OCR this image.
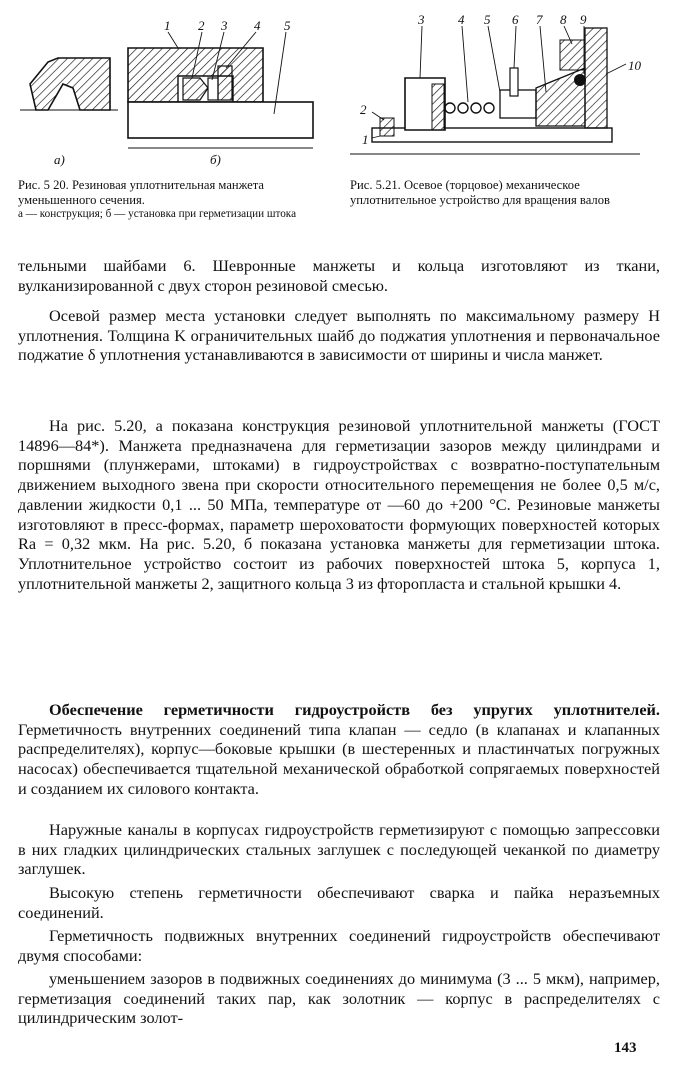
1 2 3 4 5
а)	б)
3	4 5 6 7 8 9
10
2
1
Рис. 5 20. Резиновая уплотнительная манжета уменьшенного сечения.
а — конструкция; б — установка при герметизации штока
Рис. 5.21. Осевое (торцовое) механическое уплотнительное устройство для вращения валов

тельными шайбами 6. Шевронные манжеты и кольца изготовляют из ткани, вулканизированной с двух сторон резиновой смесью.

Осевой размер места установки следует выполнять по максимальному размеру H уплотнения. Толщина K ограничительных шайб до поджатия уплотнения и первоначальное поджатие δ уплотнения устанавливаются в зависимости от ширины и числа манжет.

На рис. 5.20, а показана конструкция резиновой уплотнительной манжеты (ГОСТ 14896—84*). Манжета предназначена для герметизации зазоров между цилиндрами и поршнями (плунжерами, штоками) в гидроустройствах с возвратно-поступательным движением выходного звена при скорости относительного перемещения не более 0,5 м/с, давлении жидкости 0,1 ... 50 МПа, температуре от —60 до +200 °С. Резиновые манжеты изготовляют в пресс-формах, параметр шероховатости формующих поверхностей которых Ra = 0,32 мкм. На рис. 5.20, б показана установка манжеты для герметизации штока. Уплотнительное устройство состоит из рабочих поверхностей штока 5, корпуса 1, уплотнительной манжеты 2, защитного кольца 3 из фторопласта и стальной крышки 4.

Обеспечение герметичности гидроустройств без упругих уплотнителей. Герметичность внутренних соединений типа клапан — седло (в клапанах и клапанных распределителях), корпус—боковые крышки (в шестеренных и пластинчатых погружных насосах) обеспечивается тщательной механической обработкой сопрягаемых поверхностей и созданием их силового контакта.

Наружные каналы в корпусах гидроустройств герметизируют с помощью запрессовки в них гладких цилиндрических стальных заглушек с последующей чеканкой по диаметру заглушек.

Высокую степень герметичности обеспечивают сварка и пайка неразъемных соединений.

Герметичность подвижных внутренних соединений гидроустройств обеспечивают двумя способами:

уменьшением зазоров в подвижных соединениях до минимума (3 ... 5 мкм), например, герметизация соединений таких пар, как золотник — корпус в распределителях с цилиндрическим золот-

143
